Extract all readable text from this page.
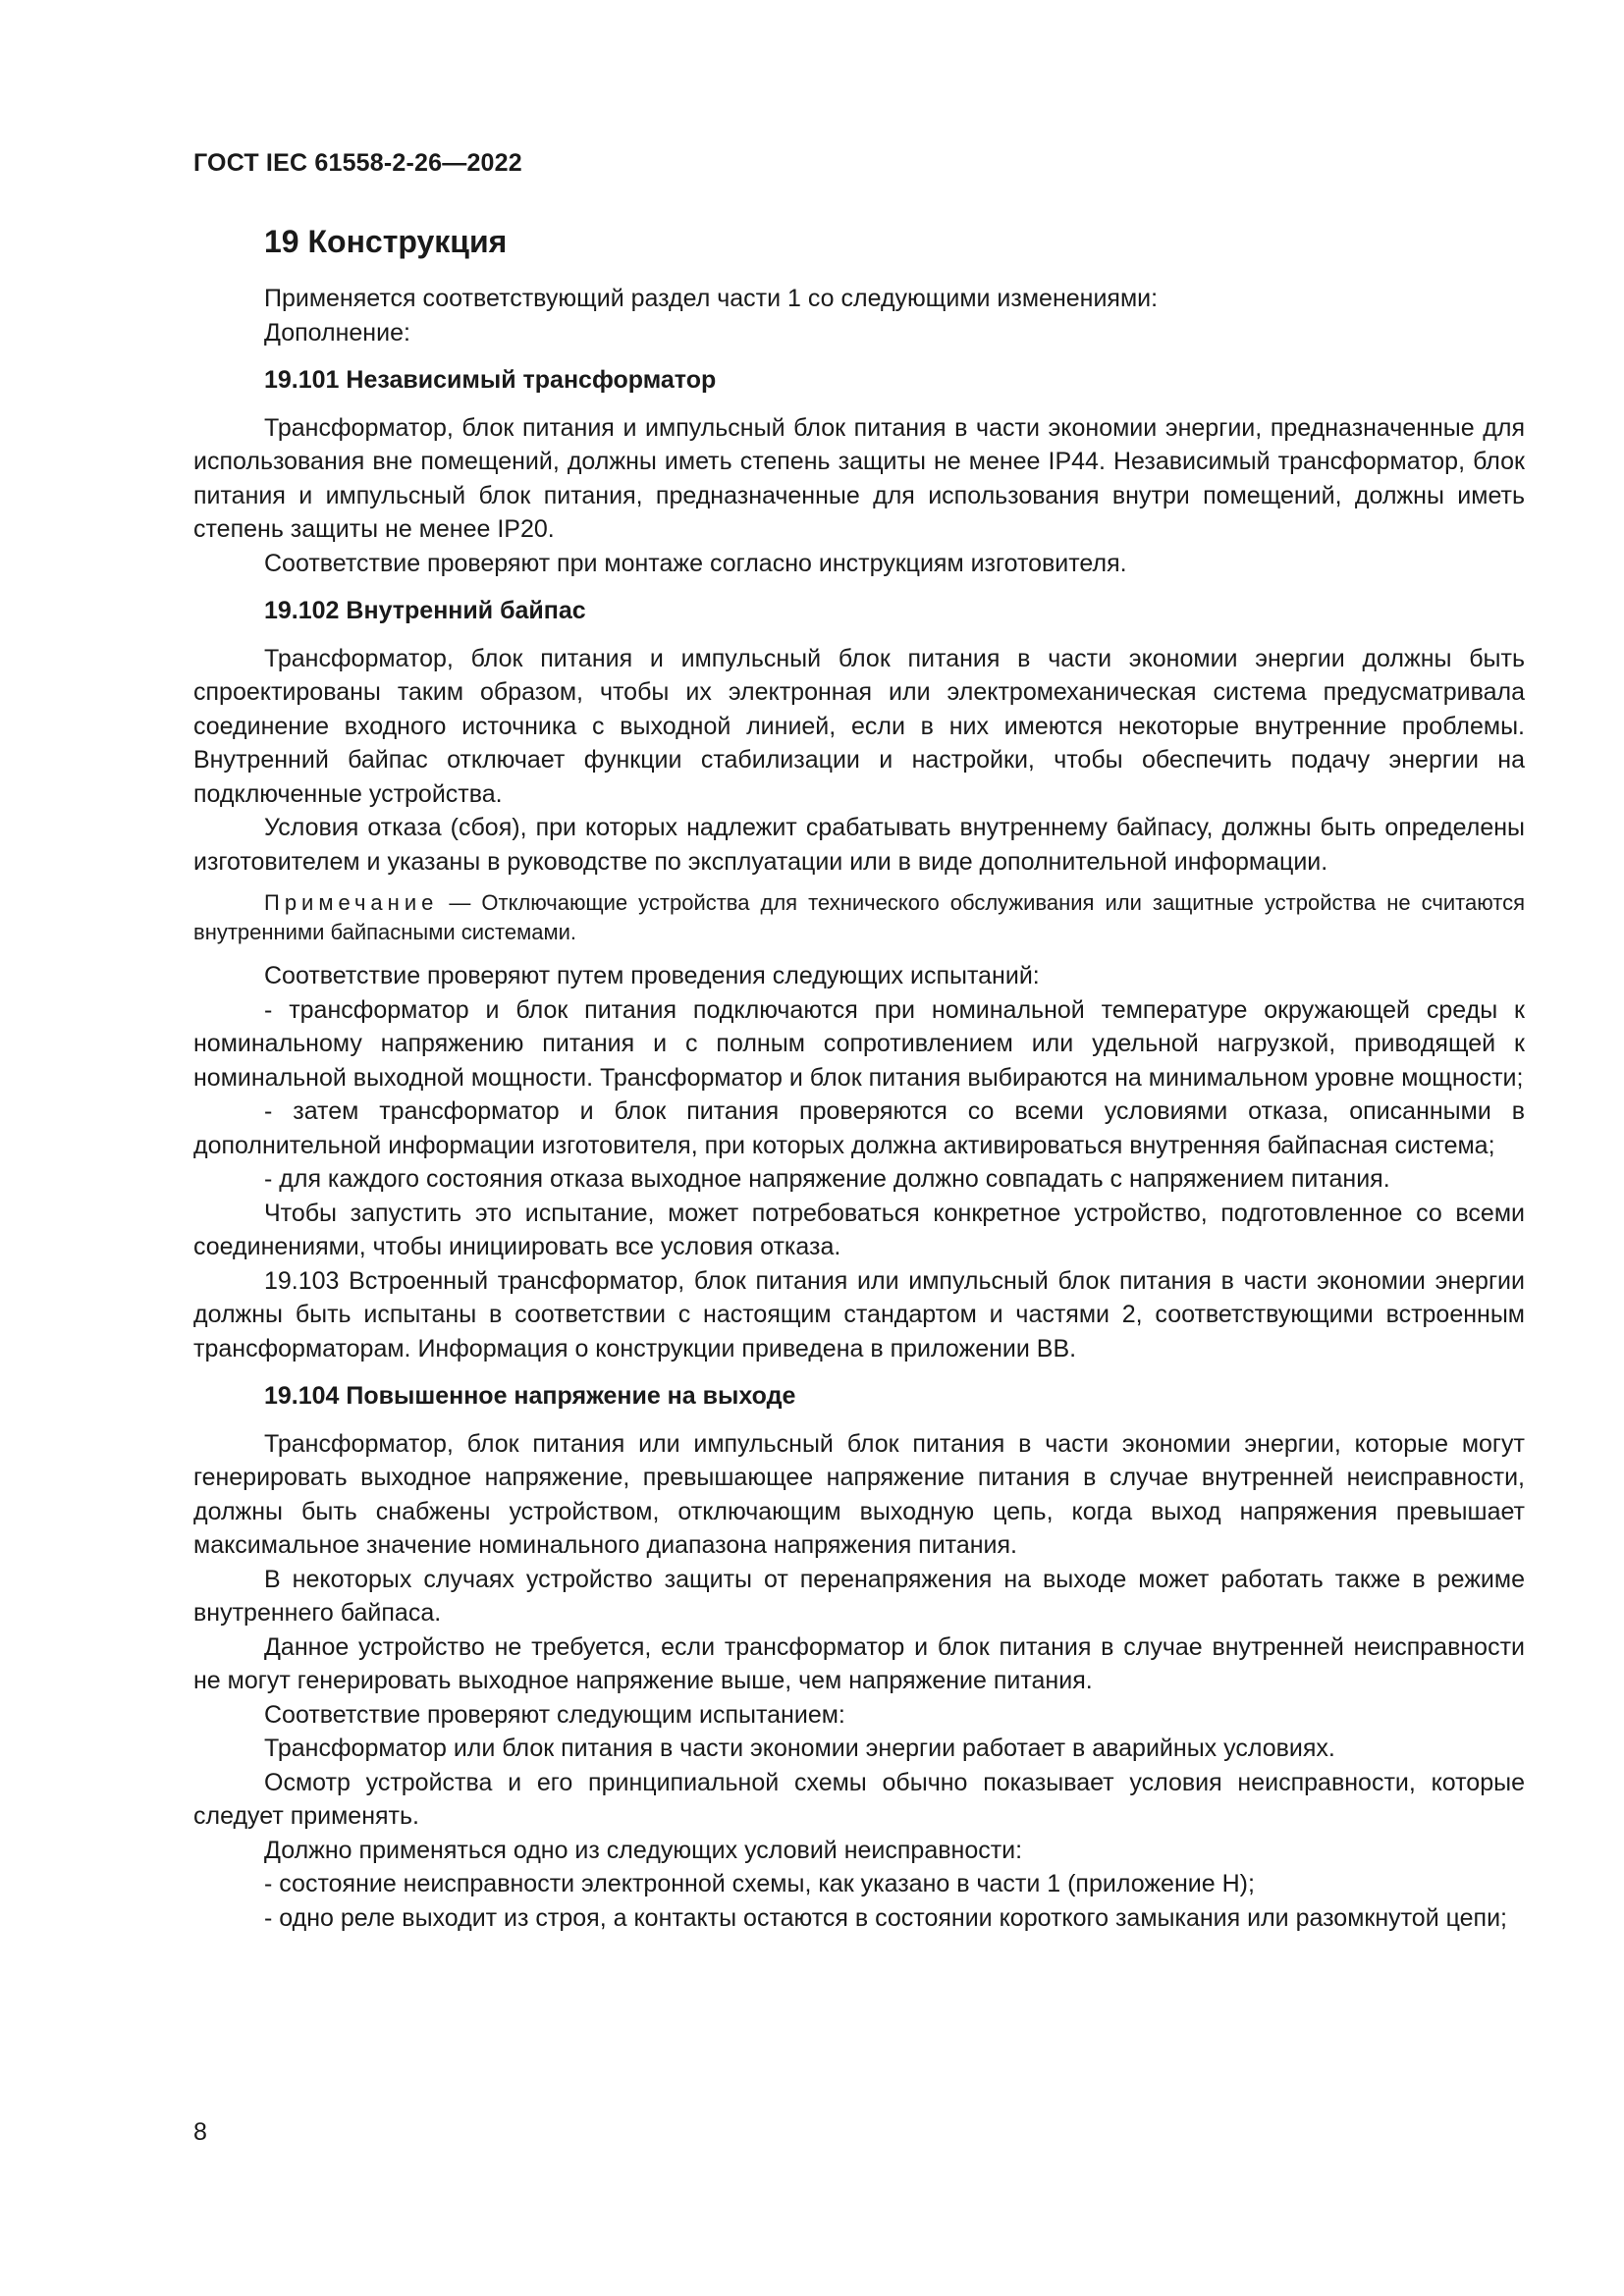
ГОСТ IEC 61558-2-26—2022
19 Конструкция

Применяется соответствующий раздел части 1 со следующими изменениями:

Дополнение:

19.101 Независимый трансформатор

Трансформатор, блок питания и импульсный блок питания в части экономии энергии, предназначенные для использования вне помещений, должны иметь степень защиты не менее IP44. Независимый трансформатор, блок питания и импульсный блок питания, предназначенные для использования внутри помещений, должны иметь степень защиты не менее IP20.

Соответствие проверяют при монтаже согласно инструкциям изготовителя.

19.102 Внутренний байпас

Трансформатор, блок питания и импульсный блок питания в части экономии энергии должны быть спроектированы таким образом, чтобы их электронная или электромеханическая система предусматривала соединение входного источника с выходной линией, если в них имеются некоторые внутренние проблемы. Внутренний байпас отключает функции стабилизации и настройки, чтобы обеспечить подачу энергии на подключенные устройства.

Условия отказа (сбоя), при которых надлежит срабатывать внутреннему байпасу, должны быть определены изготовителем и указаны в руководстве по эксплуатации или в виде дополнительной информации.

Примечание — Отключающие устройства для технического обслуживания или защитные устройства не считаются внутренними байпасными системами.

Соответствие проверяют путем проведения следующих испытаний:

- трансформатор и блок питания подключаются при номинальной температуре окружающей среды к номинальному напряжению питания и с полным сопротивлением или удельной нагрузкой, приводящей к номинальной выходной мощности. Трансформатор и блок питания выбираются на минимальном уровне мощности;

- затем трансформатор и блок питания проверяются со всеми условиями отказа, описанными в дополнительной информации изготовителя, при которых должна активироваться внутренняя байпасная система;

- для каждого состояния отказа выходное напряжение должно совпадать с напряжением питания.

Чтобы запустить это испытание, может потребоваться конкретное устройство, подготовленное со всеми соединениями, чтобы инициировать все условия отказа.

19.103 Встроенный трансформатор, блок питания или импульсный блок питания в части экономии энергии должны быть испытаны в соответствии с настоящим стандартом и частями 2, соответствующими встроенным трансформаторам. Информация о конструкции приведена в приложении ВВ.

19.104 Повышенное напряжение на выходе

Трансформатор, блок питания или импульсный блок питания в части экономии энергии, которые могут генерировать выходное напряжение, превышающее напряжение питания в случае внутренней неисправности, должны быть снабжены устройством, отключающим выходную цепь, когда выход напряжения превышает максимальное значение номинального диапазона напряжения питания.

В некоторых случаях устройство защиты от перенапряжения на выходе может работать также в режиме внутреннего байпаса.

Данное устройство не требуется, если трансформатор и блок питания в случае внутренней неисправности не могут генерировать выходное напряжение выше, чем напряжение питания.

Соответствие проверяют следующим испытанием:

Трансформатор или блок питания в части экономии энергии работает в аварийных условиях.

Осмотр устройства и его принципиальной схемы обычно показывает условия неисправности, которые следует применять.

Должно применяться одно из следующих условий неисправности:

- состояние неисправности электронной схемы, как указано в части 1 (приложение Н);

- одно реле выходит из строя, а контакты остаются в состоянии короткого замыкания или разомкнутой цепи;

8
